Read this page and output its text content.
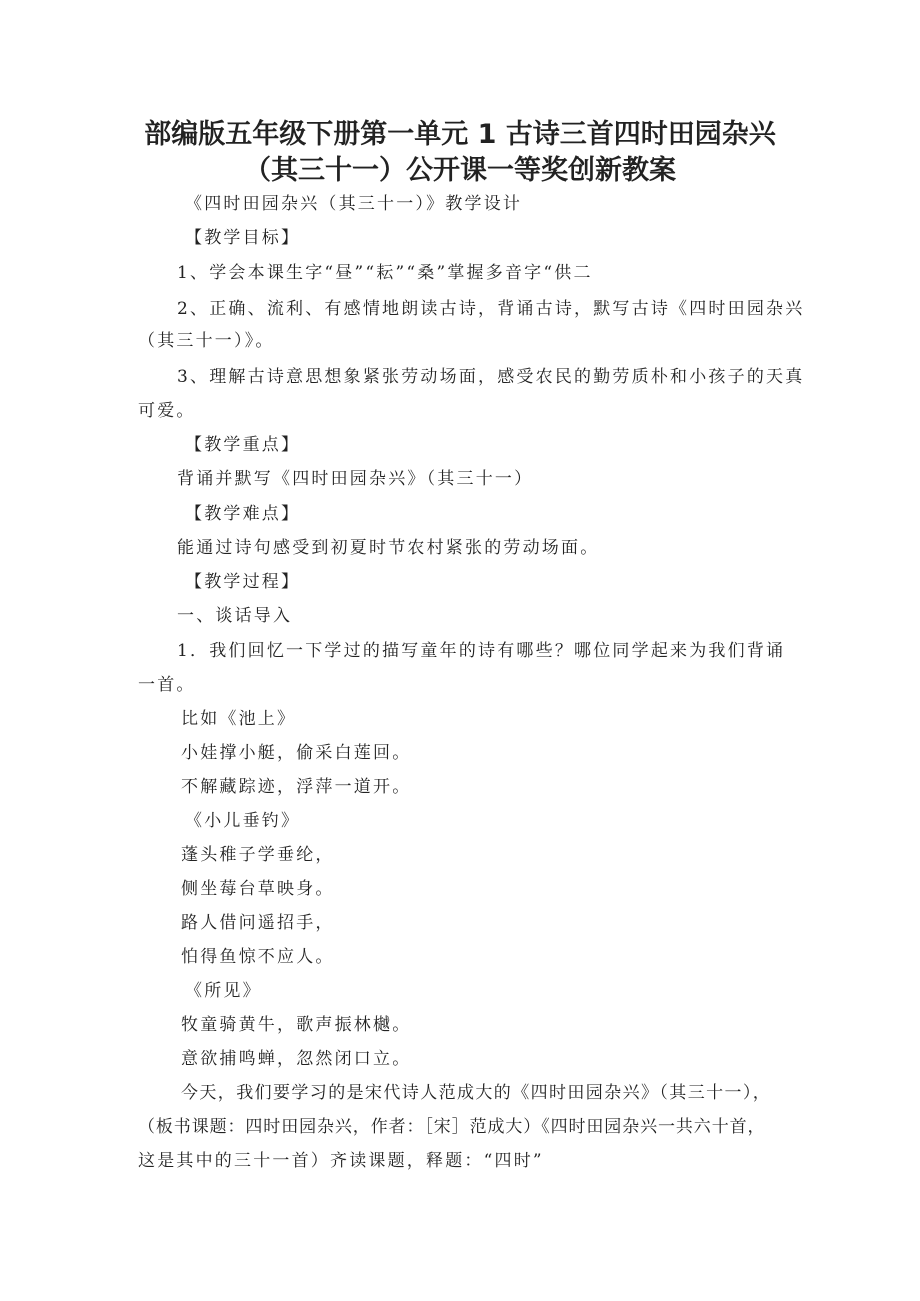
部编版五年级下册第一单元 1 古诗三首四时田园杂兴
（其三十一）公开课一等奖创新教案
《四时田园杂兴（其三十一）》教学设计
【教学目标】
1、学会本课生字“昼”“耘”“桑”掌握多音字“供二
2、正确、流利、有感情地朗读古诗，背诵古诗，默写古诗《四时田园杂兴
（其三十一）》。
3、理解古诗意思想象紧张劳动场面，感受农民的勤劳质朴和小孩子的天真
可爱。
【教学重点】
背诵并默写《四时田园杂兴》（其三十一）
【教学难点】
能通过诗句感受到初夏时节农村紧张的劳动场面。
【教学过程】
一、谈话导入
1．我们回忆一下学过的描写童年的诗有哪些？哪位同学起来为我们背诵
一首。
比如《池上》
小娃撑小艇，偷采白莲回。
不解藏踪迹，浮萍一道开。
《小儿垂钓》
蓬头稚子学垂纶，
侧坐莓台草映身。
路人借问遥招手，
怕得鱼惊不应人。
《所见》
牧童骑黄牛，歌声振林樾。
意欲捕鸣蝉，忽然闭口立。
今天，我们要学习的是宋代诗人范成大的《四时田园杂兴》（其三十一），
（板书课题：四时田园杂兴，作者：［宋］范成大）《四时田园杂兴一共六十首，
这是其中的三十一首）齐读课题，释题：“四时”
